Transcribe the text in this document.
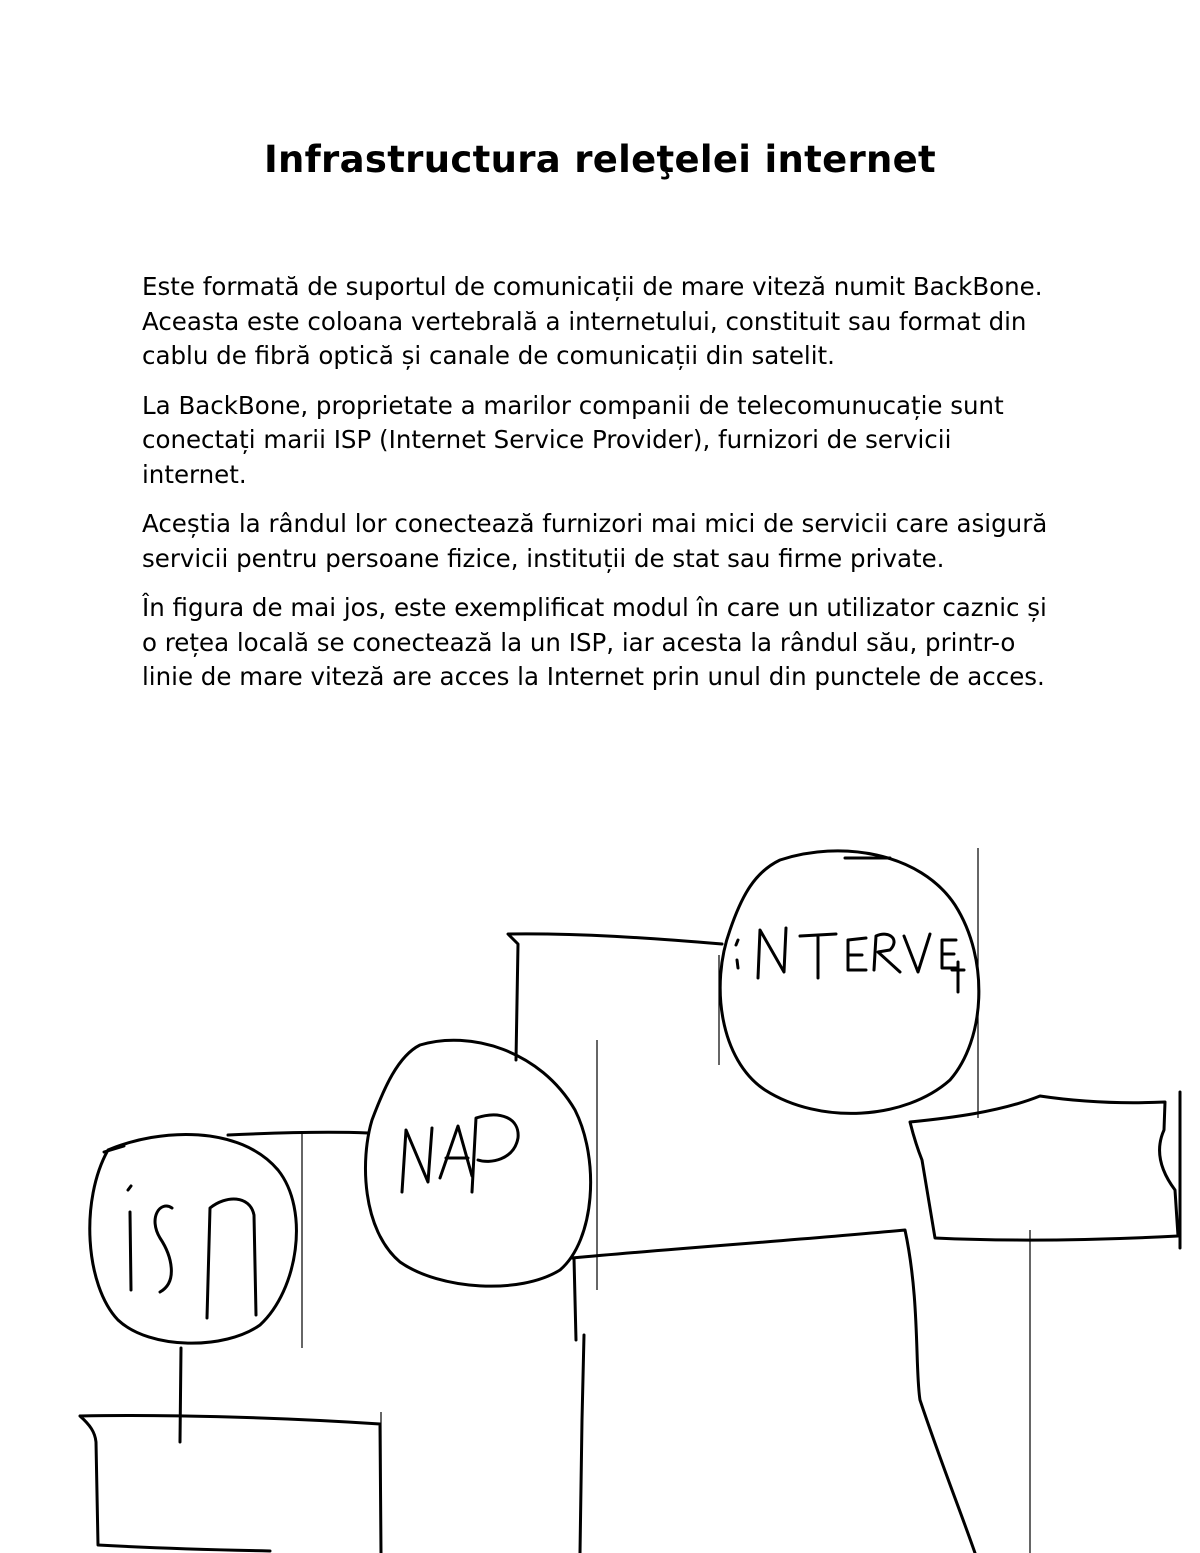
Infrastructura releţelei internet

Este formată de suportul de comunicații de mare viteză numit BackBone. Aceasta este coloana vertebrală a internetului, constituit sau format din cablu de fibră optică și canale de comunicații din satelit.

La BackBone, proprietate a marilor companii de telecomunucație sunt conectați marii ISP (Internet Service Provider), furnizori de servicii internet.

Aceștia la rândul lor conectează furnizori mai mici de servicii care asigură servicii pentru persoane fizice, instituții de stat sau firme private.

În figura de mai jos, este exemplificat modul în care un utilizator caznic și o rețea locală se conectează la un ISP, iar acesta la rândul său, printr-o linie de mare viteză are acces la Internet prin unul din punctele de acces.
